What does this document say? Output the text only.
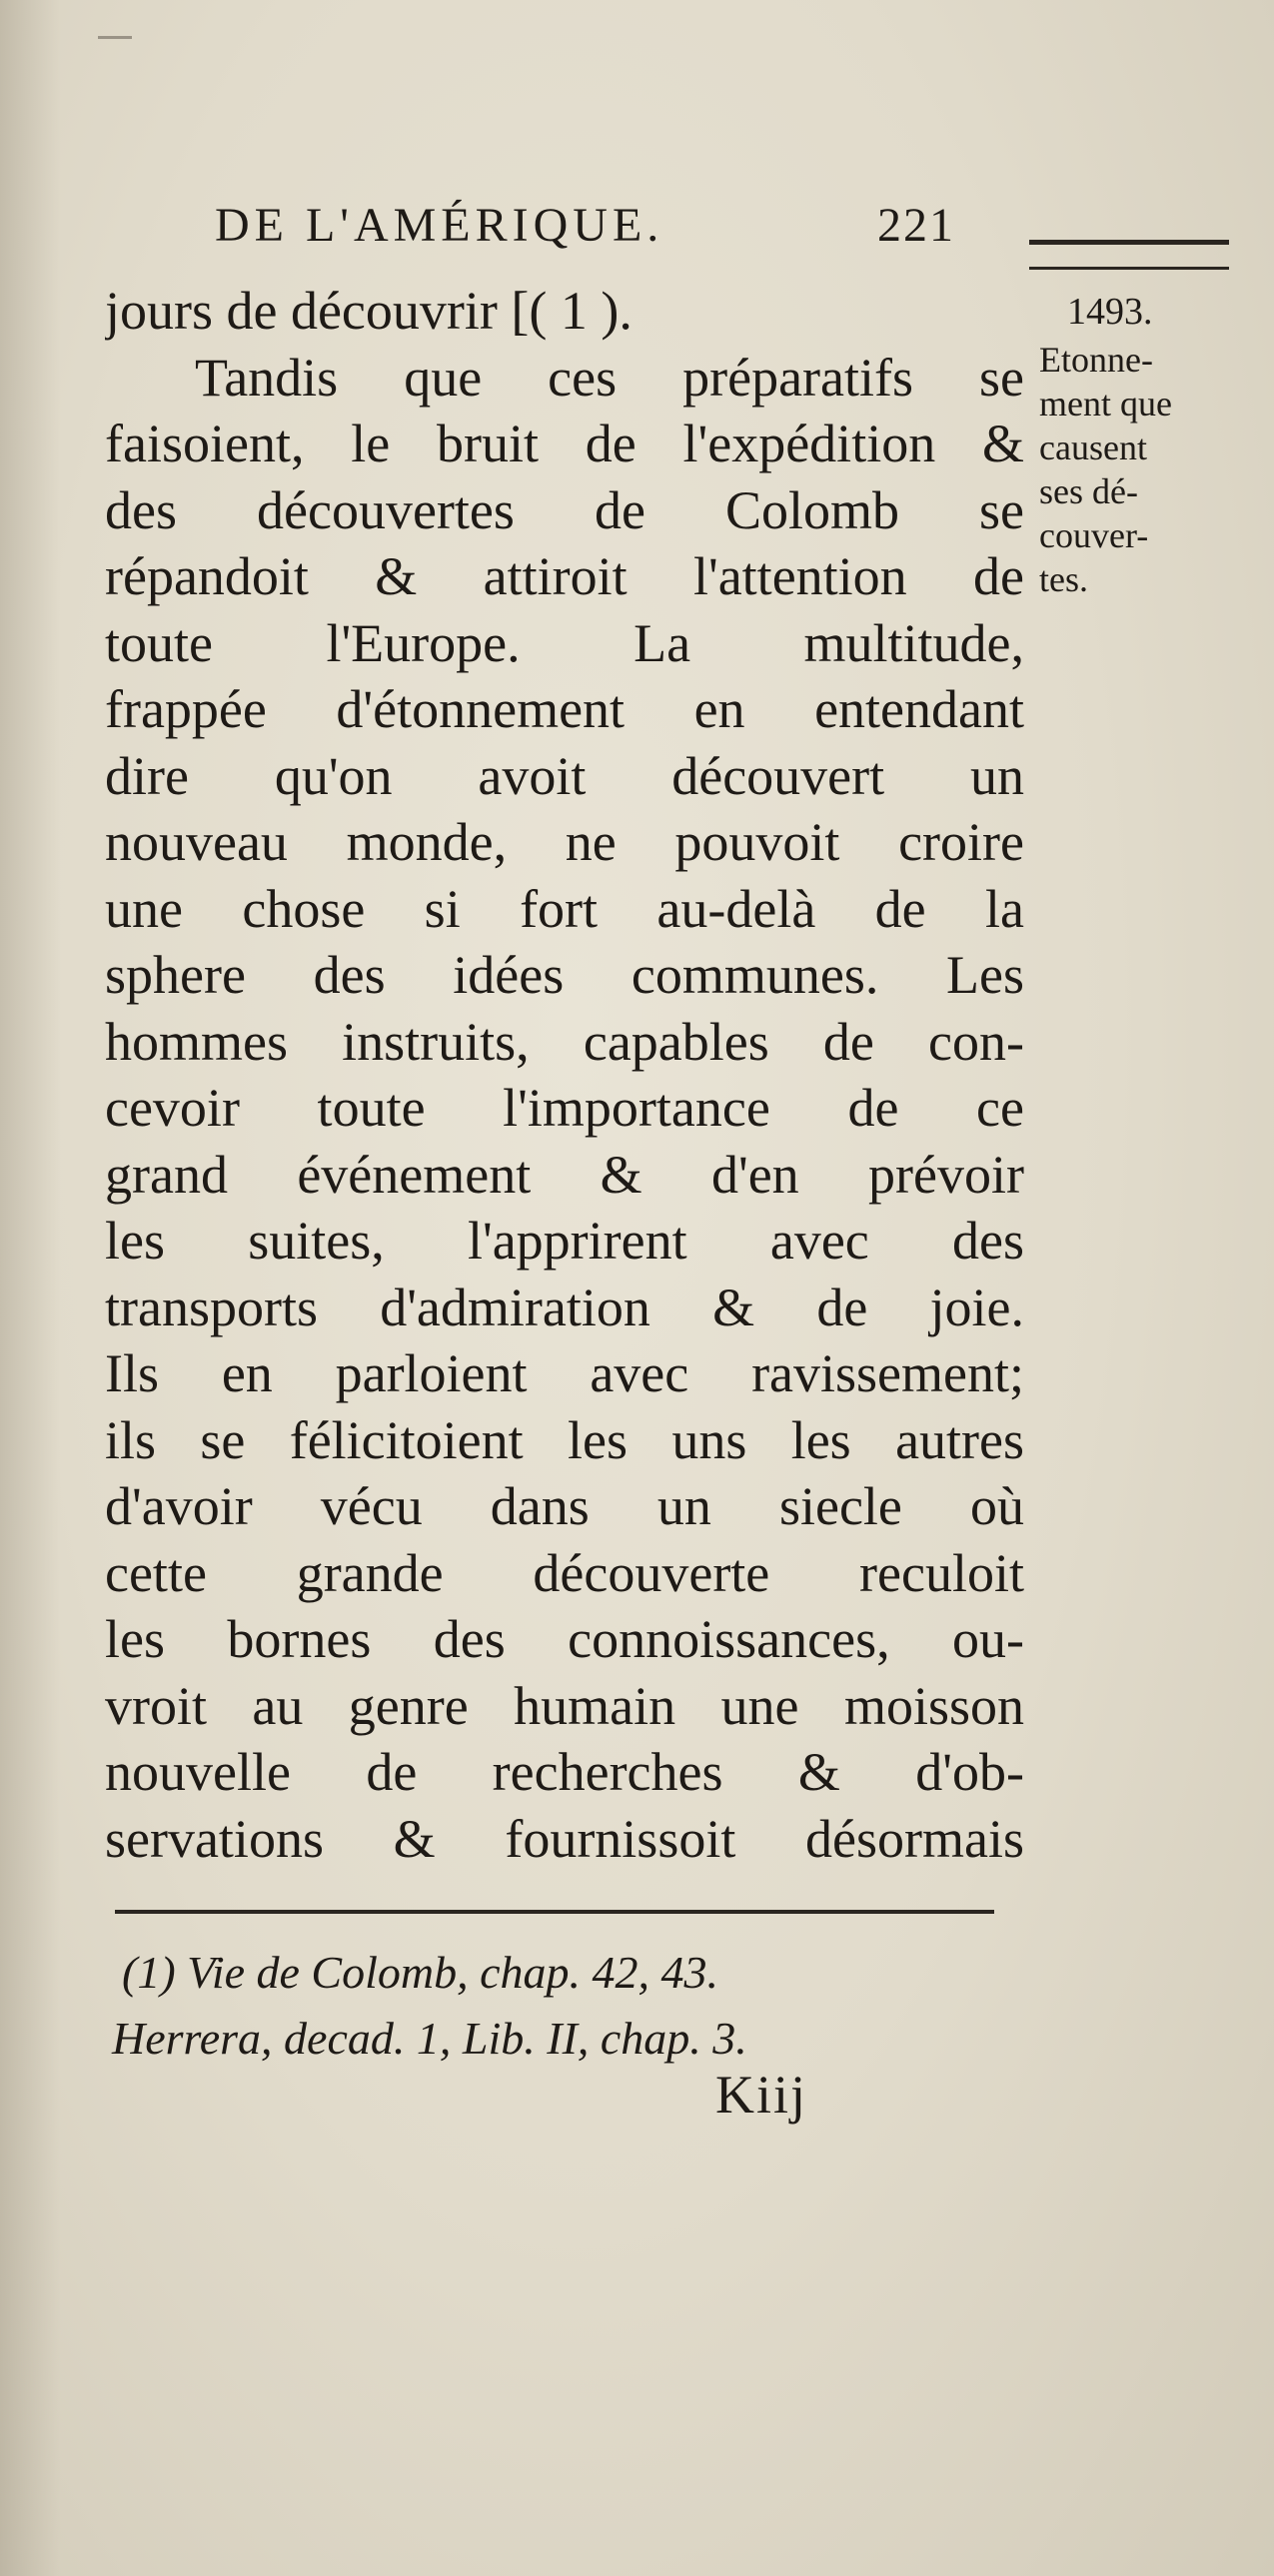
DE L'AMÉRIQUE.	221
jours de découvrir [( 1 ).
Tandis que ces préparatifs se
faisoient, le bruit de l'expédition &
des découvertes de Colomb se
répandoit & attiroit l'attention de
toute l'Europe. La multitude,
frappée d'étonnement en entendant
dire qu'on avoit découvert un
nouveau monde, ne pouvoit croire
une chose si fort au-delà de la
sphere des idées communes. Les
hommes instruits, capables de con-
cevoir toute l'importance de ce
grand événement & d'en prévoir
les suites, l'apprirent avec des
transports d'admiration & de joie.
Ils en parloient avec ravissement;
ils se félicitoient les uns les autres
d'avoir vécu dans un siecle où
cette grande découverte reculoit
les bornes des connoissances, ou-
vroit au genre humain une moisson
nouvelle de recherches & d'ob-
servations & fournissoit désormais
1493.
Etonne-
ment que
causent
ses dé-
couver-
tes.
(1) Vie de Colomb, chap. 42, 43.
Herrera, decad. 1, Lib. II, chap. 3.
Kiij
